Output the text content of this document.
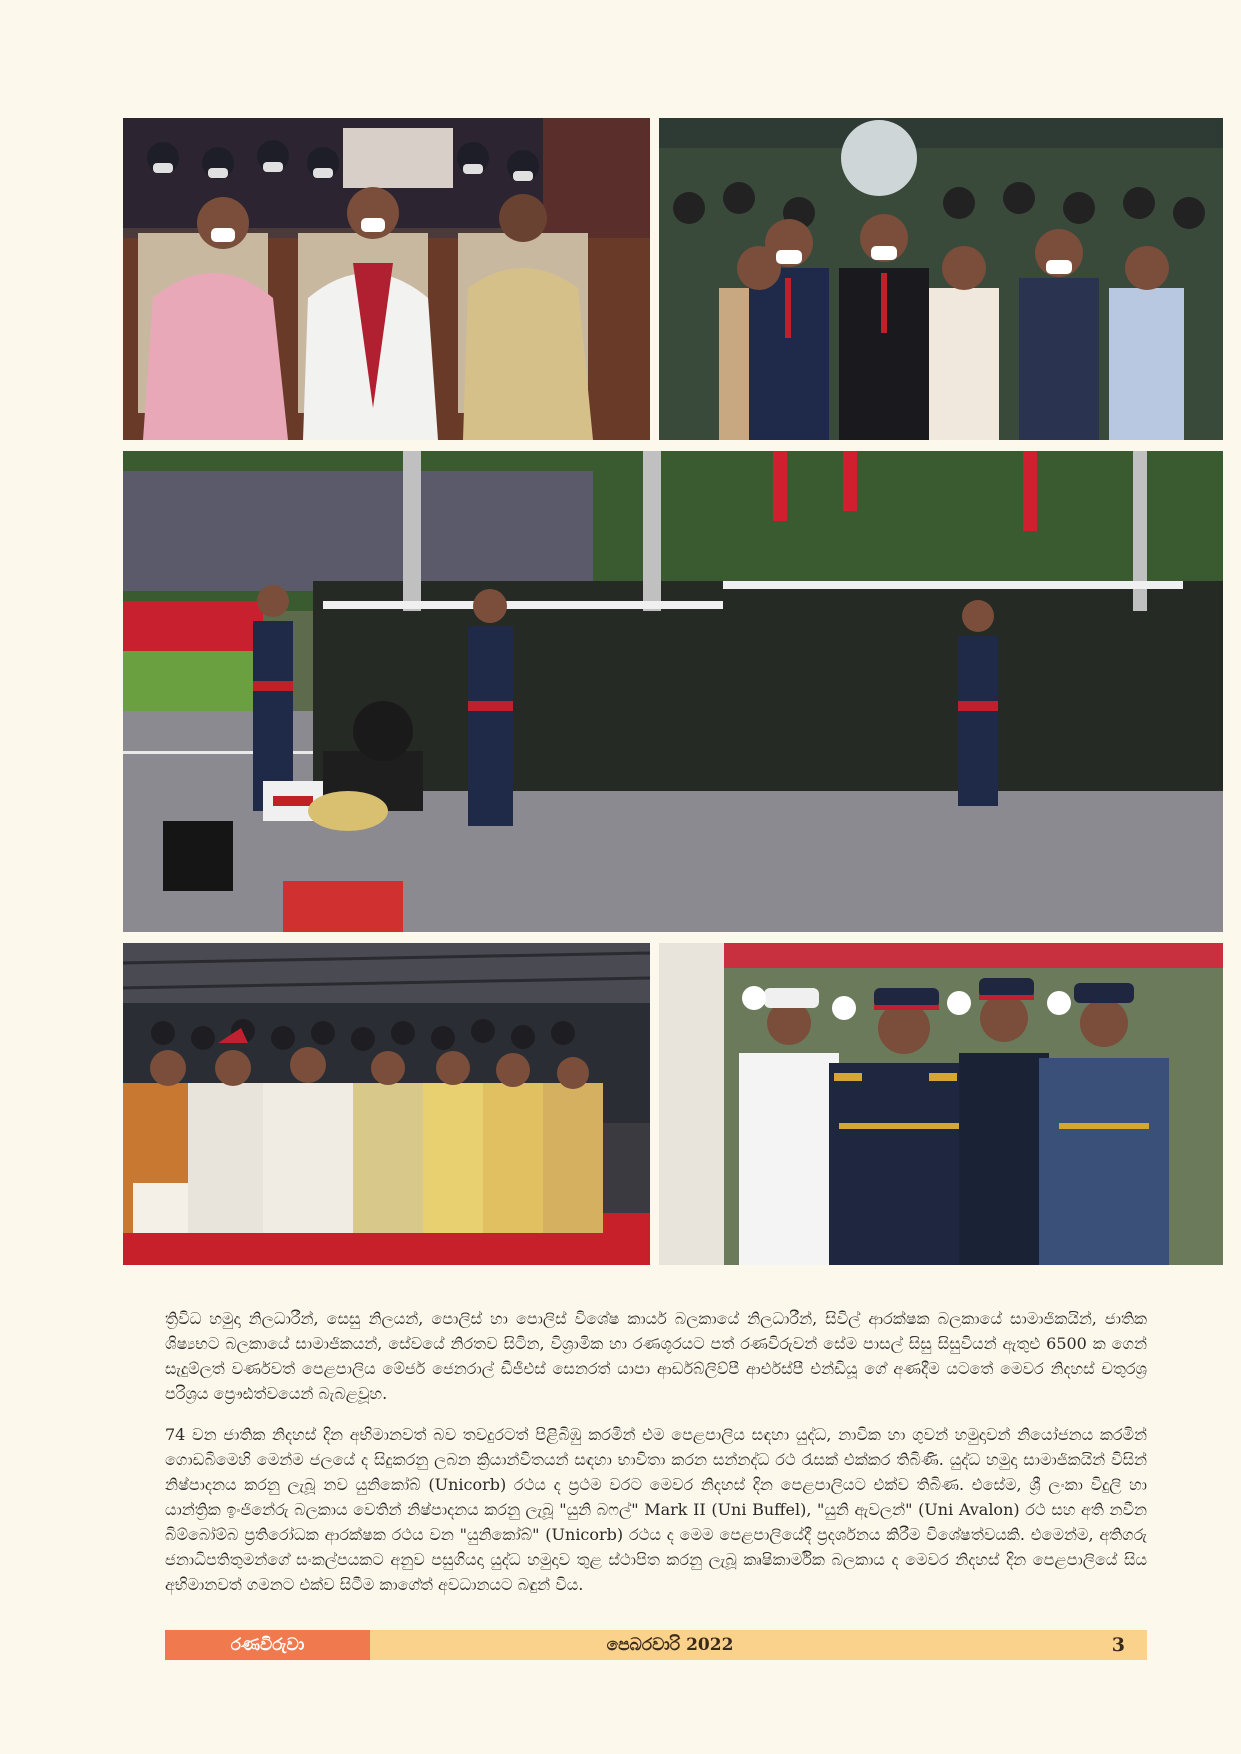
ත්‍රිවිධ හමුදා නිලධාරීන්, සෙසු නිලයන්, පොලිස් හා පොලිස් විශේෂ කාර්ය බලකායේ නිලධාරීන්, සිවිල් ආරක්ෂක බලකායේ සාමාජිකයින්, ජාතික ශිෂ්‍යභට බලකායේ සාමාජිකයන්, සේවයේ නිරතව සිටින, විශ්‍රාමික හා රණශූරයට පත් රණවිරුවන් සේම පාසල් සිසු සිසුවියන් ඇතුළු 6500 ක ගෙන් සැදුම්ලත් වර්ණවත් පෙළපාලිය මේජර් ජෙනරාල් ඩීජීඑස් සෙනරත් යාපා ආර්ඩබ්ලිව්පී ආර්එස්පී එන්ඩියූ ගේ අණදීම යටතේ මෙවර නිදහස් චතුරශ්‍ර පරිශ්‍රය ප්‍රෞඪත්වයෙන් බැබළවූහ.

74 වන ජාතික නිදහස් දින අභිමානවත් බව තවදුරටත් පිළිබිඹු කරමින් එම පෙළපාලිය සඳහා යුද්ධ, නාවික හා ගුවන් හමුදාවන් නියෝජනය කරමින් ගොඩබිමෙහි මෙන්ම ජලයේ ද සිදුකරනු ලබන ක්‍රියාන්විතයන් සඳහා භාවිතා කරන සන්නද්ධ රථ රැසක් එක්කර තිබිණි. යුද්ධ හමුදා සාමාජිකයින් විසින් නිෂ්පාදනය කරනු ලැබූ නව යුනිකෝබ් (Unicorb) රථය ද ප්‍රථම වරට මෙවර නිදහස් දින පෙළපාලියට එක්ව තිබිණ. එසේම, ශ්‍රී ලංකා විදුලි හා යාන්ත්‍රික ඉංජිනේරු බලකාය වෙතින් නිෂ්පාදනය කරනු ලැබූ "යුනි බෆල්" Mark II (Uni Buffel), "යුනි ඇවලන්" (Uni Avalon) රථ සහ අති නවීන බිම්බෝම්බ ප්‍රතිරෝධක ආරක්ෂක රථය වන "යුනිකෝබ්" (Unicorb) රථය ද මෙම පෙළපාලියේදී ප්‍රදර්ශනය කිරීම විශේෂත්වයකි. එමෙන්ම, අතිගරු ජනාධිපතිතුමන්ගේ සංකල්පයකට අනුව පසුගියදා යුද්ධ හමුදාව තුළ ස්ථාපිත කරනු ලැබූ කෘෂිකාර්මික බලකාය ද මෙවර නිදහස් දින පෙළපාලියේ සිය අභිමානවත් ගමනට එක්ව සිටීම කාගේත් අවධානයට බඳුන් විය.

රණවිරුවා	පෙබරවාරි 2022	3
